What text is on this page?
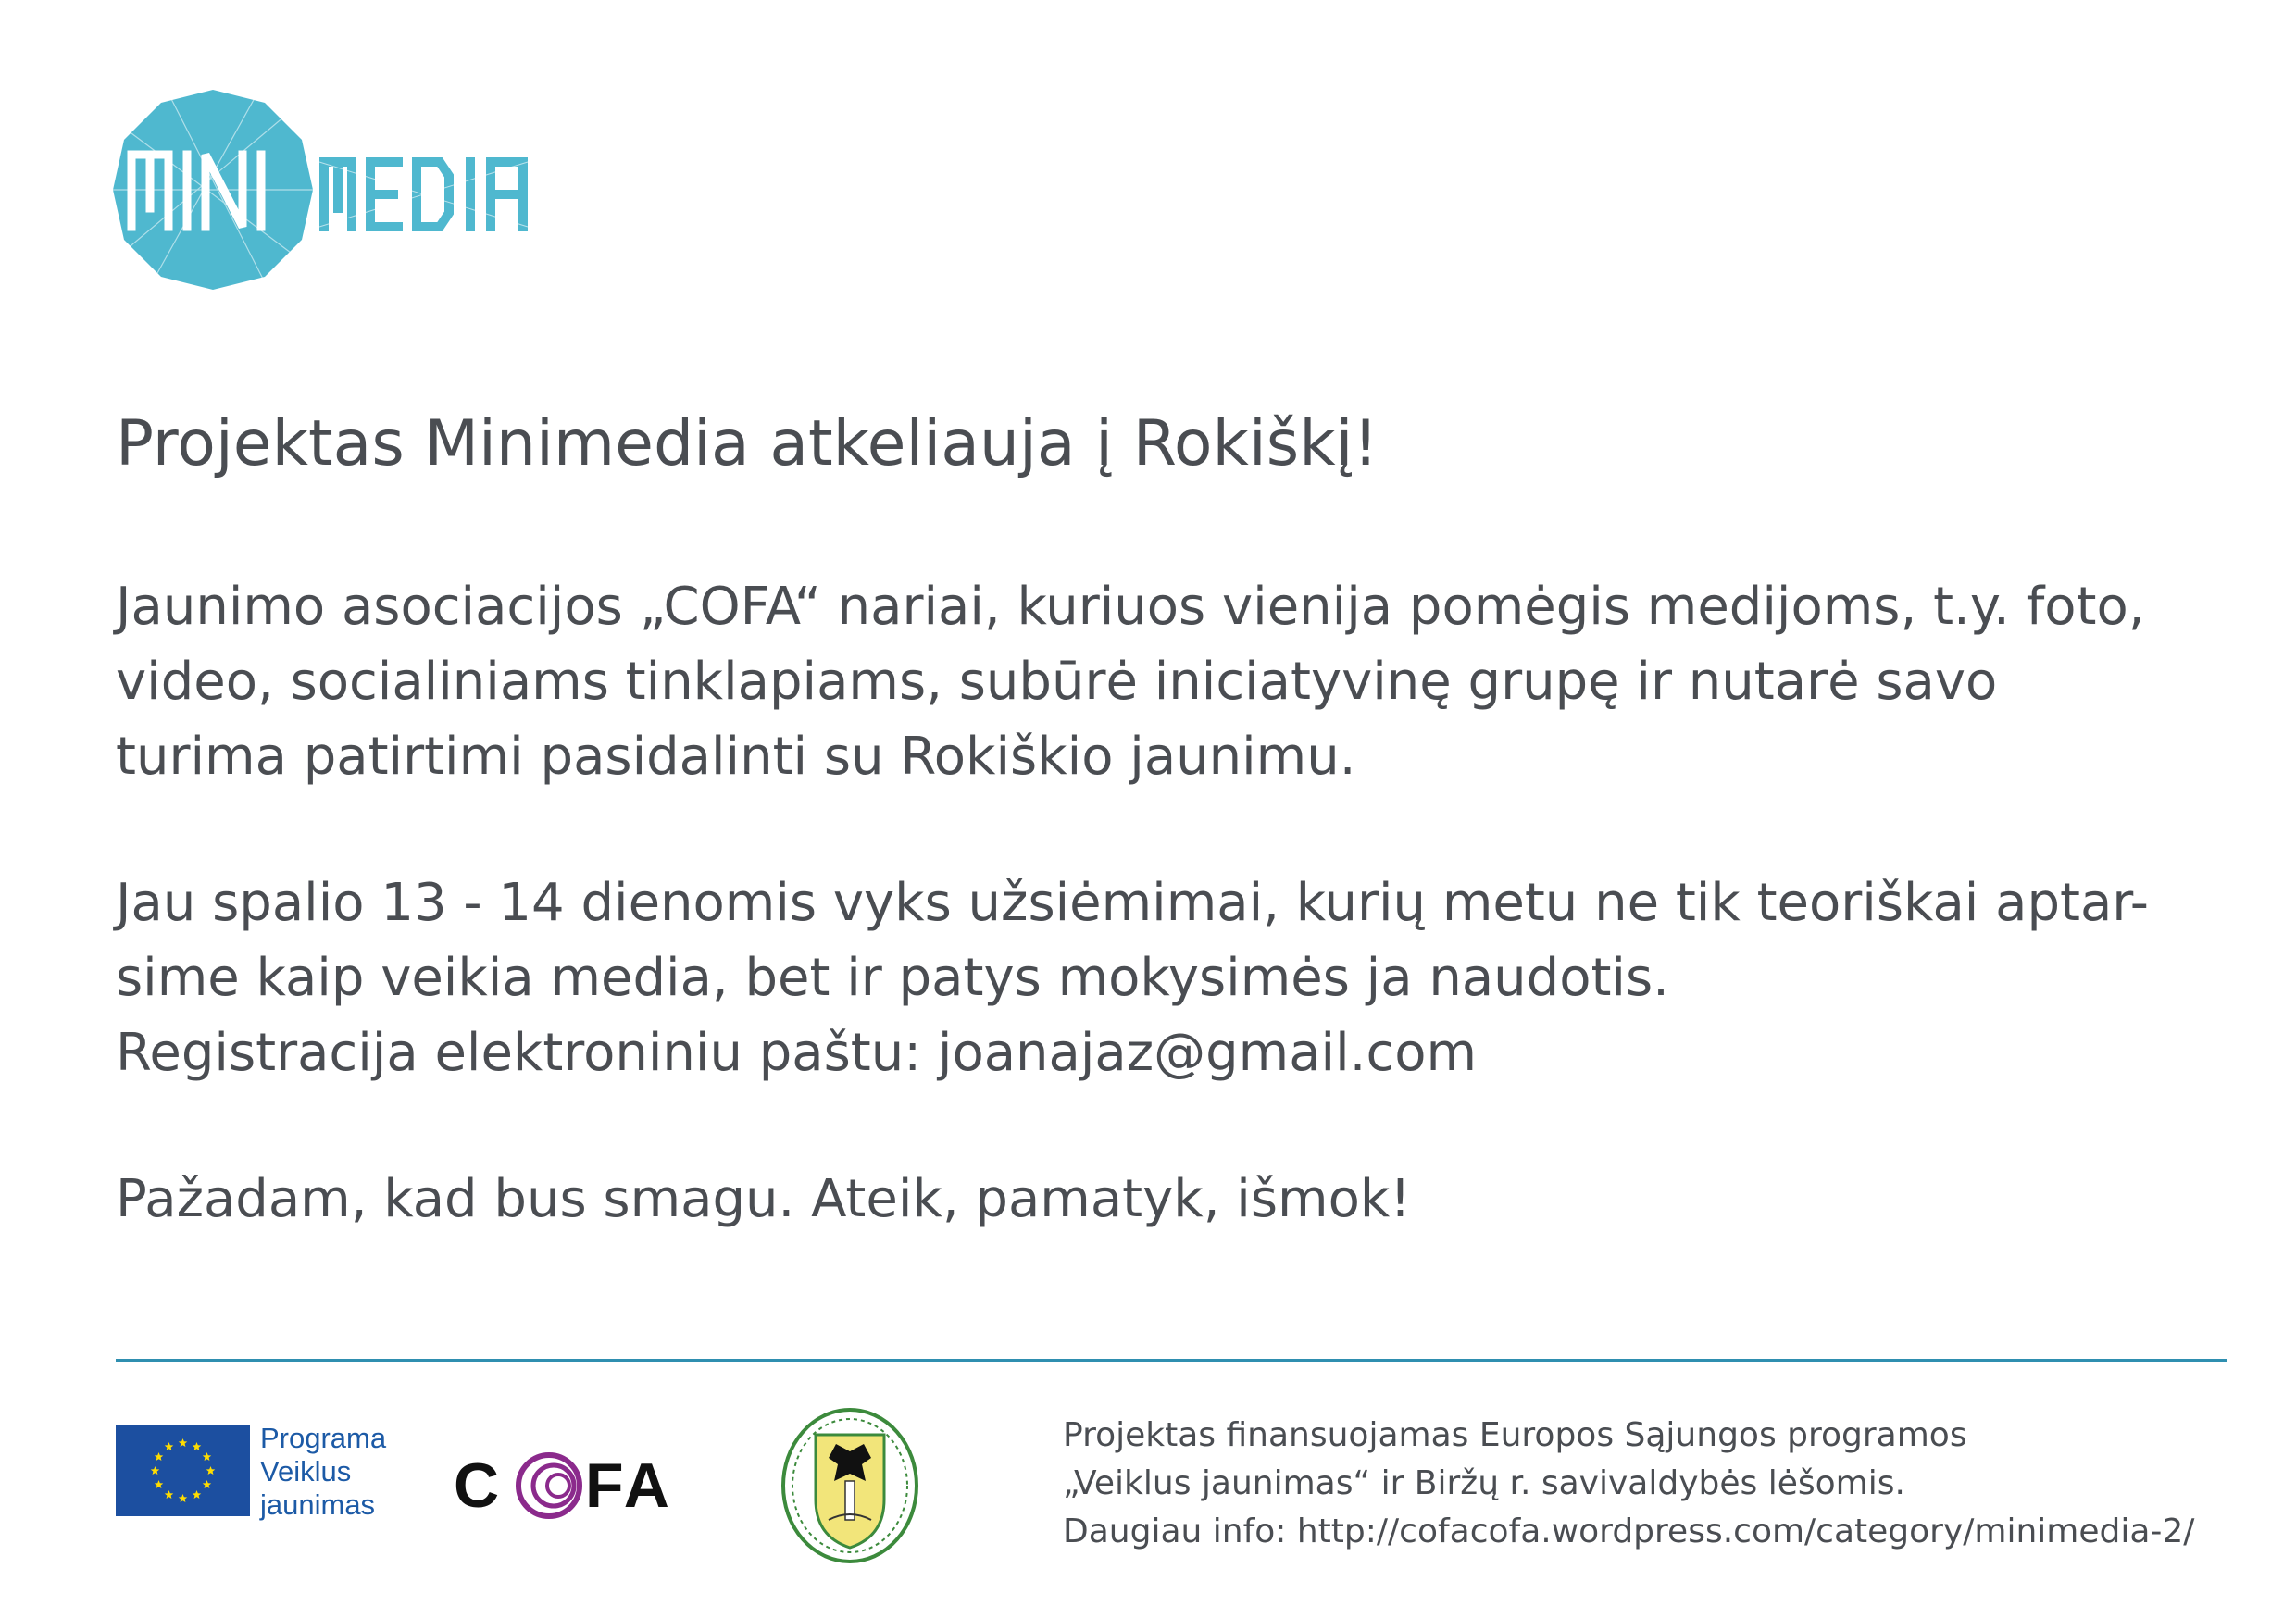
Projektas Minimedia atkeliauja į Rokiškį!

Jaunimo asociacijos „COFA“ nariai, kuriuos vienija pomėgis medijoms, t.y. foto,
video, socialiniams tinklapiams, subūrė iniciatyvinę grupę ir nutarė savo
turima patirtimi pasidalinti su Rokiškio jaunimu.

Jau spalio 13 - 14 dienomis vyks užsiėmimai, kurių metu ne tik teoriškai aptar-
sime kaip veikia media, bet ir patys mokysimės ja naudotis.
Registracija elektroniniu paštu: joanajaz@gmail.com

Pažadam, kad bus smagu. Ateik, pamatyk, išmok!

Programa
Veiklus
jaunimas C FA
Projektas finansuojamas Europos Sąjungos programos
„Veiklus jaunimas“ ir Biržų r. savivaldybės lėšomis.
Daugiau info: http://cofacofa.wordpress.com/category/minimedia-2/
